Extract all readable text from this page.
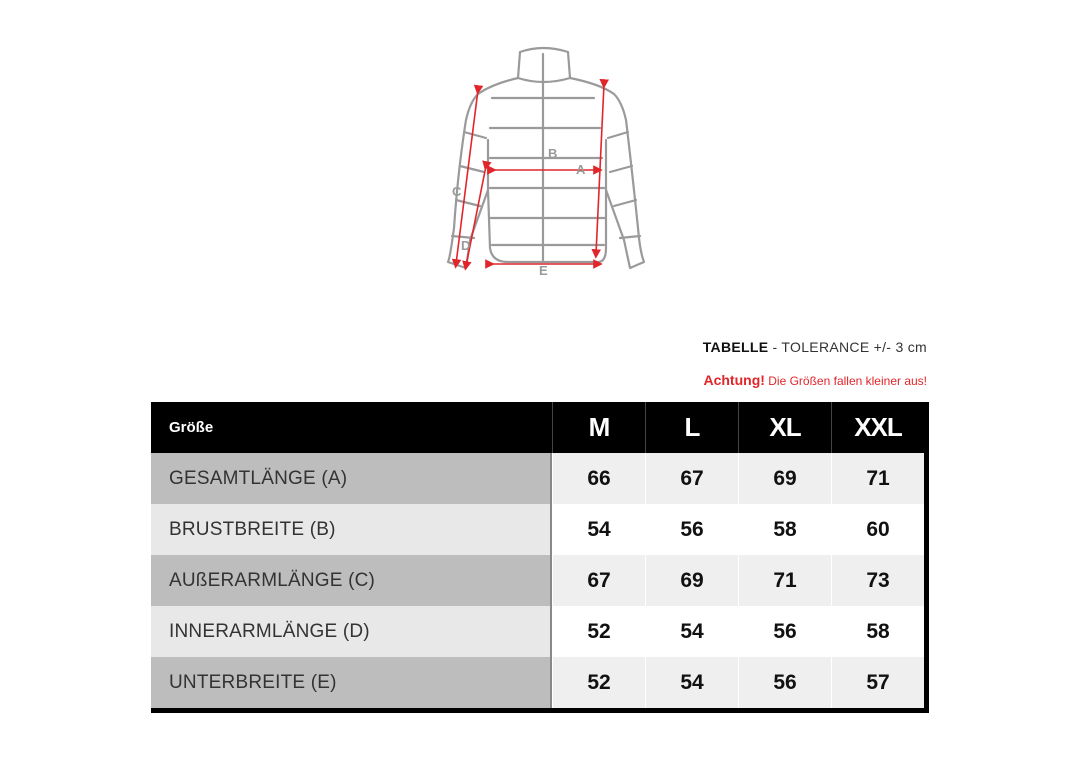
B
A
C
D
E
TABELLE - TOLERANCE +/- 3 cm
Achtung! Die Größen fallen kleiner aus!
Größe	M	L	XL	XXL
GESAMTLÄNGE (A)	66	67	69	71
BRUSTBREITE (B)	54	56	58	60
AUßERARMLÄNGE (C)	67	69	71	73
INNERARMLÄNGE (D)	52	54	56	58
UNTERBREITE (E)	52	54	56	57
